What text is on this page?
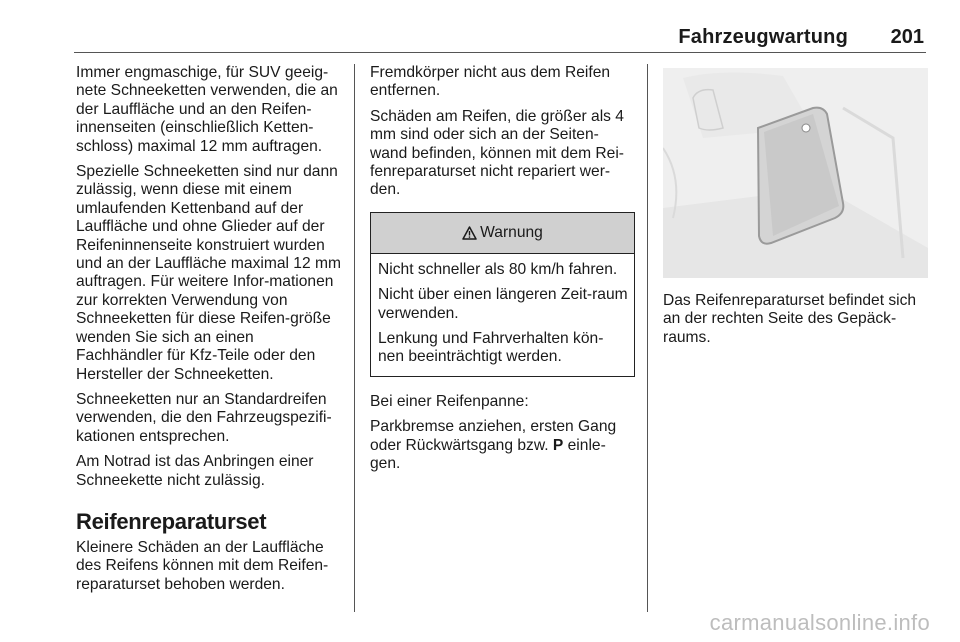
Fahrzeugwartung 201

Immer engmaschige, für SUV geeig-nete Schneeketten verwenden, die an der Lauffläche und an den Reifen-innenseiten (einschließlich Ketten-schloss) maximal 12 mm auftragen.

Spezielle Schneeketten sind nur dann zulässig, wenn diese mit einem umlaufenden Kettenband auf der Lauffläche und ohne Glieder auf der Reifeninnenseite konstruiert wurden und an der Lauffläche maximal 12 mm auftragen. Für weitere Infor-mationen zur korrekten Verwendung von Schneeketten für diese Reifen-größe wenden Sie sich an einen Fachhändler für Kfz-Teile oder den Hersteller der Schneeketten.

Schneeketten nur an Standardreifen verwenden, die den Fahrzeugspezifi-kationen entsprechen.

Am Notrad ist das Anbringen einer Schneekette nicht zulässig.

Reifenreparaturset

Kleinere Schäden an der Lauffläche des Reifens können mit dem Reifen-reparaturset behoben werden.

Fremdkörper nicht aus dem Reifen entfernen.

Schäden am Reifen, die größer als 4 mm sind oder sich an der Seiten-wand befinden, können mit dem Rei-fenreparaturset nicht repariert wer-den.

Warnung

Nicht schneller als 80 km/h fahren.

Nicht über einen längeren Zeit-raum verwenden.

Lenkung und Fahrverhalten kön-nen beeinträchtigt werden.

Bei einer Reifenpanne:

Parkbremse anziehen, ersten Gang oder Rückwärtsgang bzw. P einle-gen.

Das Reifenreparaturset befindet sich an der rechten Seite des Gepäck-raums.

carmanualsonline.info
